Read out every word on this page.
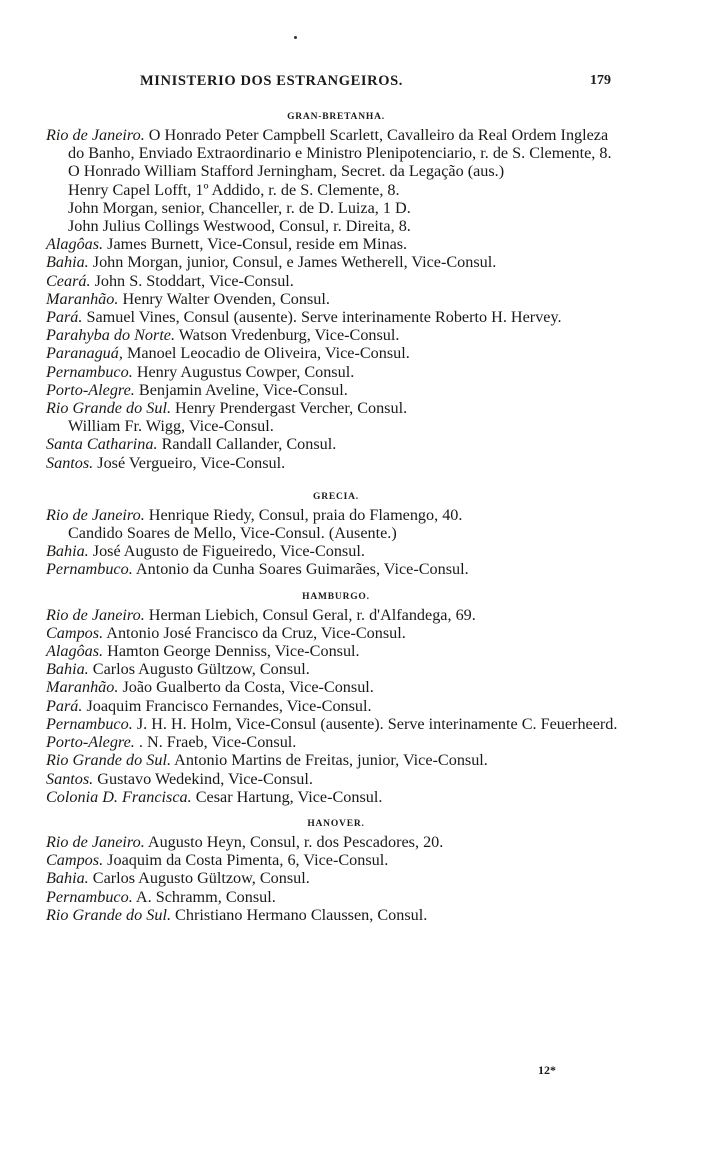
MINISTERIO DOS ESTRANGEIROS.	179
GRAN-BRETANHA.
Rio de Janeiro. O Honrado Peter Campbell Scarlett, Cavalleiro da Real Ordem Ingleza do Banho, Enviado Extraordinario e Ministro Plenipotenciario, r. de S. Clemente, 8.
O Honrado William Stafford Jerningham, Secret. da Legação (aus.)
Henry Capel Lofft, 1º Addido, r. de S. Clemente, 8.
John Morgan, senior, Chanceller, r. de D. Luiza, 1 D.
John Julius Collings Westwood, Consul, r. Direita, 8.
Alagôas. James Burnett, Vice-Consul, reside em Minas.
Bahia. John Morgan, junior, Consul, e James Wetherell, Vice-Consul.
Ceará. John S. Stoddart, Vice-Consul.
Maranhão. Henry Walter Ovenden, Consul.
Pará. Samuel Vines, Consul (ausente). Serve interinamente Roberto H. Hervey.
Parahyba do Norte. Watson Vredenburg, Vice-Consul.
Paranaguá, Manoel Leocadio de Oliveira, Vice-Consul.
Pernambuco. Henry Augustus Cowper, Consul.
Porto-Alegre. Benjamin Aveline, Vice-Consul.
Rio Grande do Sul. Henry Prendergast Vercher, Consul.
William Fr. Wigg, Vice-Consul.
Santa Catharina. Randall Callander, Consul.
Santos. José Vergueiro, Vice-Consul.
GRECIA.
Rio de Janeiro. Henrique Riedy, Consul, praia do Flamengo, 40.
Candido Soares de Mello, Vice-Consul. (Ausente.)
Bahia. José Augusto de Figueiredo, Vice-Consul.
Pernambuco. Antonio da Cunha Soares Guimarães, Vice-Consul.
HAMBURGO.
Rio de Janeiro. Herman Liebich, Consul Geral, r. d'Alfandega, 69.
Campos. Antonio José Francisco da Cruz, Vice-Consul.
Alagôas. Hamton George Denniss, Vice-Consul.
Bahia. Carlos Augusto Gültzow, Consul.
Maranhão. João Gualberto da Costa, Vice-Consul.
Pará. Joaquim Francisco Fernandes, Vice-Consul.
Pernambuco. J. H. H. Holm, Vice-Consul (ausente). Serve interinamente C. Feuerheerd.
Porto-Alegre. . N. Fraeb, Vice-Consul.
Rio Grande do Sul. Antonio Martins de Freitas, junior, Vice-Consul.
Santos. Gustavo Wedekind, Vice-Consul.
Colonia D. Francisca. Cesar Hartung, Vice-Consul.
HANOVER.
Rio de Janeiro. Augusto Heyn, Consul, r. dos Pescadores, 20.
Campos. Joaquim da Costa Pimenta, 6, Vice-Consul.
Bahia. Carlos Augusto Gültzow, Consul.
Pernambuco. A. Schramm, Consul.
Rio Grande do Sul. Christiano Hermano Claussen, Consul.
12*
